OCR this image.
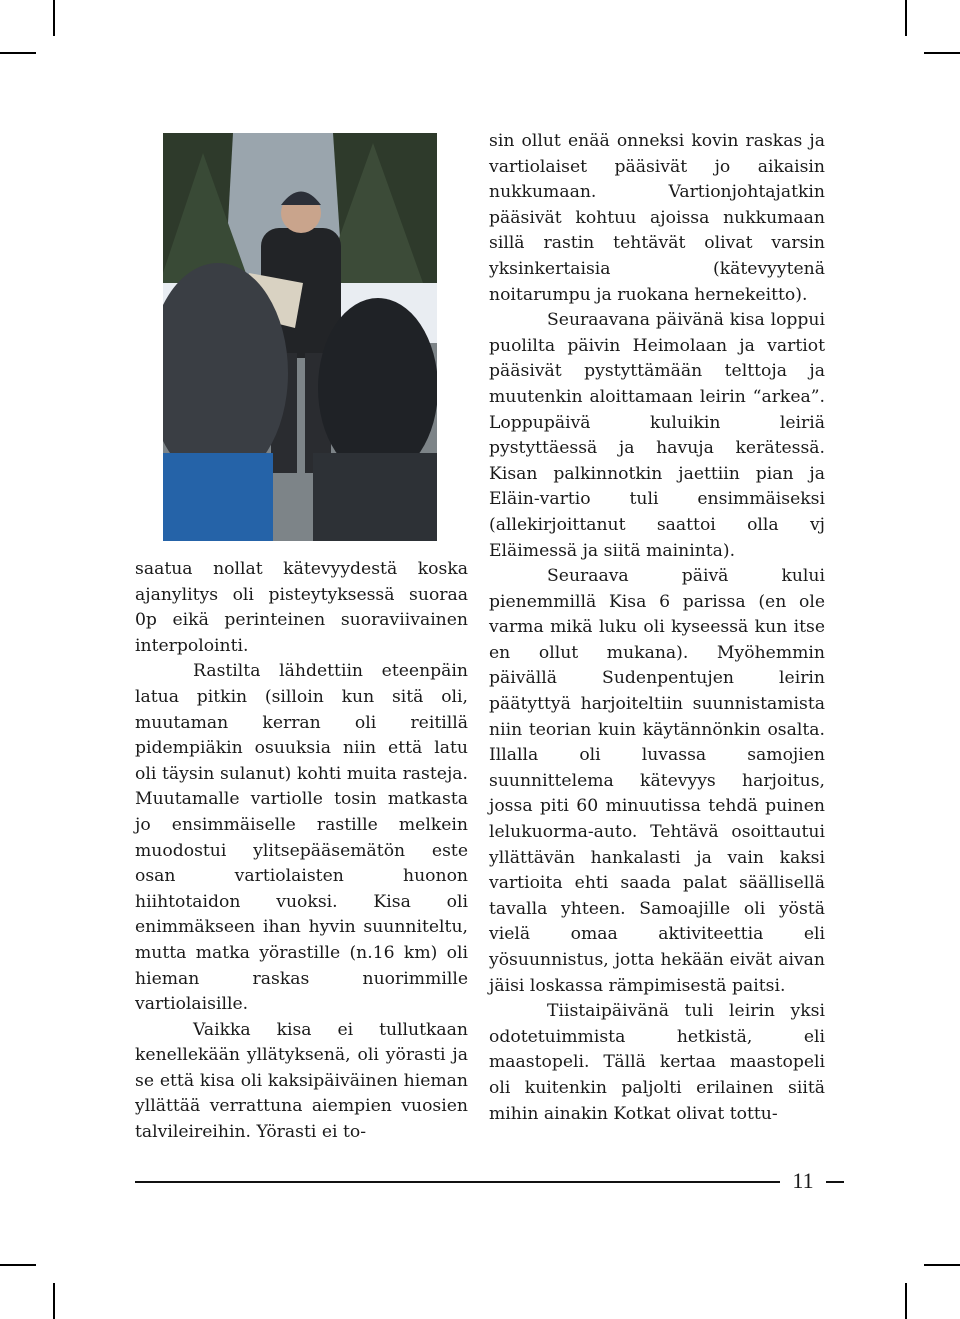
saatua nollat kätevyydestä koska ajanylitys oli pisteytyksessä suoraa 0p eikä perinteinen suoraviivainen interpolointi.

Rastilta lähdettiin eteenpäin latua pitkin (silloin kun sitä oli, muutaman kerran oli reitillä pidempiäkin osuuksia niin että latu oli täysin sulanut) kohti muita rasteja. Muutamalle vartiolle tosin matkasta jo ensimmäiselle rastille melkein muodostui ylitsepääsemätön este osan vartiolaisten huonon hiihtotaidon vuoksi. Kisa oli enimmäkseen ihan hyvin suunniteltu, mutta matka yörastille (n.16 km) oli hieman raskas nuorimmille vartiolaisille.

Vaikka kisa ei tullutkaan kenellekään yllätyksenä, oli yörasti ja se että kisa oli kaksipäiväinen hieman yllättää verrattuna aiempien vuosien talvileireihin. Yörasti ei to-

sin ollut enää onneksi kovin raskas ja vartiolaiset pääsivät jo aikaisin nukkumaan. Vartionjohtajatkin pääsivät kohtuu ajoissa nukkumaan sillä rastin tehtävät olivat varsin yksinkertaisia (kätevyytenä noitarumpu ja ruokana hernekeitto).

Seuraavana päivänä kisa loppui puolilta päivin Heimolaan ja vartiot pääsivät pystyttämään telttoja ja muutenkin aloittamaan leirin “arkea”. Loppupäivä kuluikin leiriä pystyttäessä ja havuja kerätessä. Kisan palkinnotkin jaettiin pian ja Eläin-vartio tuli ensimmäiseksi (allekirjoittanut saattoi olla vj Eläimessä ja siitä maininta).

Seuraava päivä kului pienemmillä Kisa 6 parissa (en ole varma mikä luku oli kyseessä kun itse en ollut mukana). Myöhemmin päivällä Sudenpentujen leirin päätyttyä harjoiteltiin suunnistamista niin teorian kuin käytännönkin osalta. Illalla oli luvassa samojien suunnittelema kätevyys harjoitus, jossa piti 60 minuutissa tehdä puinen lelukuorma-auto. Tehtävä osoittautui yllättävän hankalasti ja vain kaksi vartioita ehti saada palat säällisellä tavalla yhteen. Samoajille oli yöstä vielä omaa aktiviteettia eli yösuunnistus, jotta hekään eivät aivan jäisi loskassa rämpimisestä paitsi.

Tiistaipäivänä tuli leirin yksi odotetuimmista hetkistä, eli maastopeli. Tällä kertaa maastopeli oli kuitenkin paljolti erilainen siitä mihin ainakin Kotkat olivat tottu-

11
